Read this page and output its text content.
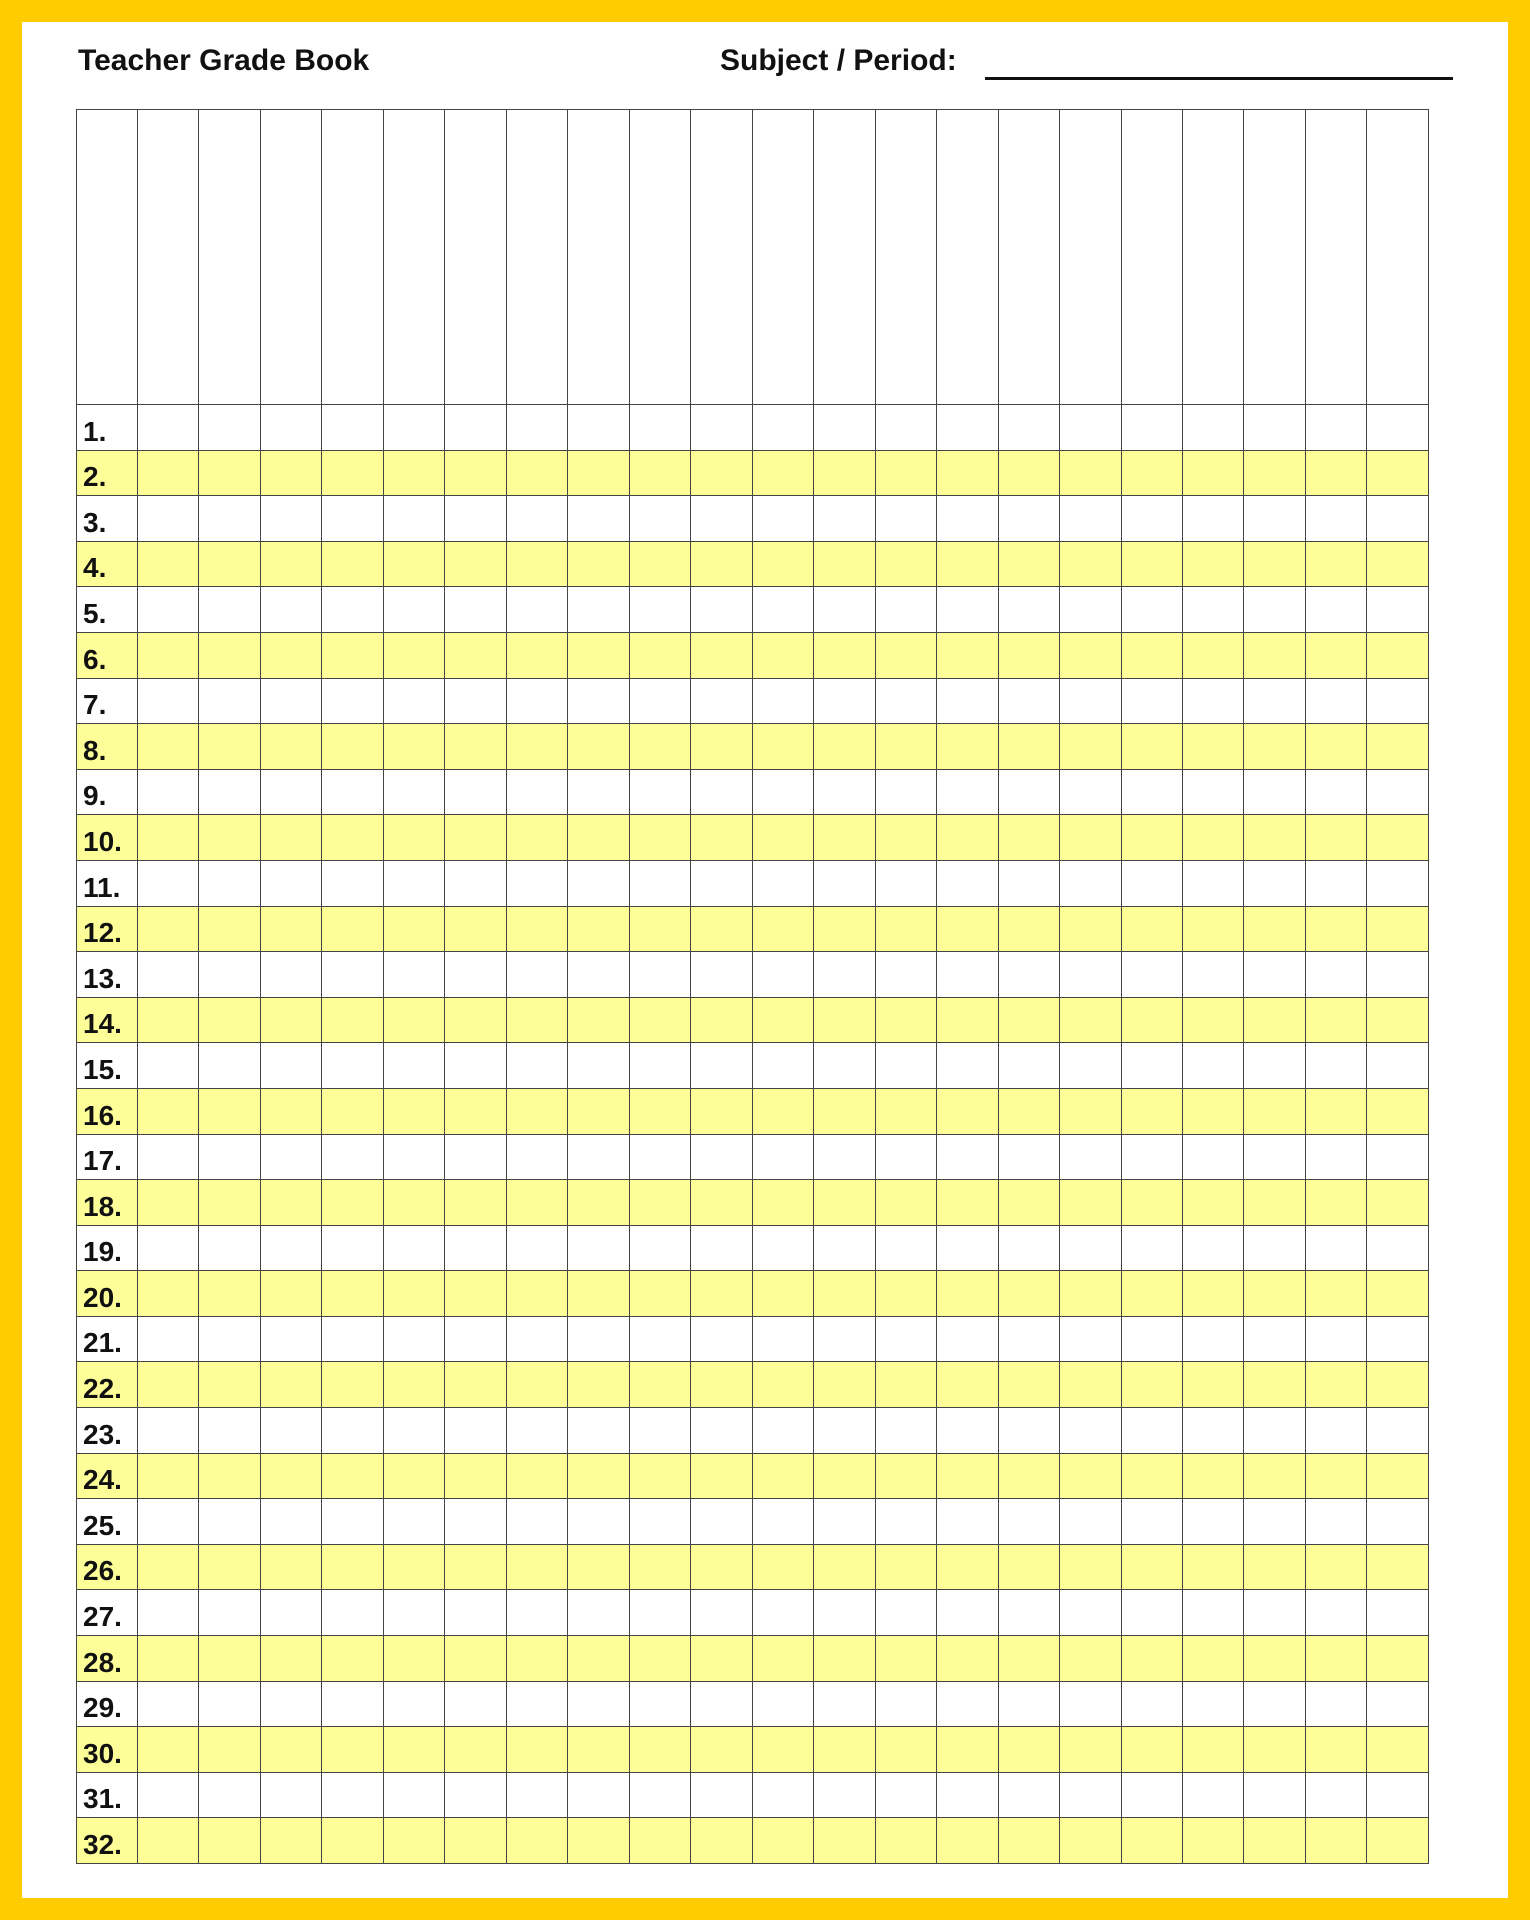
Teacher Grade Book	Subject / Period:

1.																					
2.																					
3.																					
4.																					
5.																					
6.																					
7.																					
8.																					
9.																					
10.																					
11.																					
12.																					
13.																					
14.																					
15.																					
16.																					
17.																					
18.																					
19.																					
20.																					
21.																					
22.																					
23.																					
24.																					
25.																					
26.																					
27.																					
28.																					
29.																					
30.																					
31.																					
32.																					
